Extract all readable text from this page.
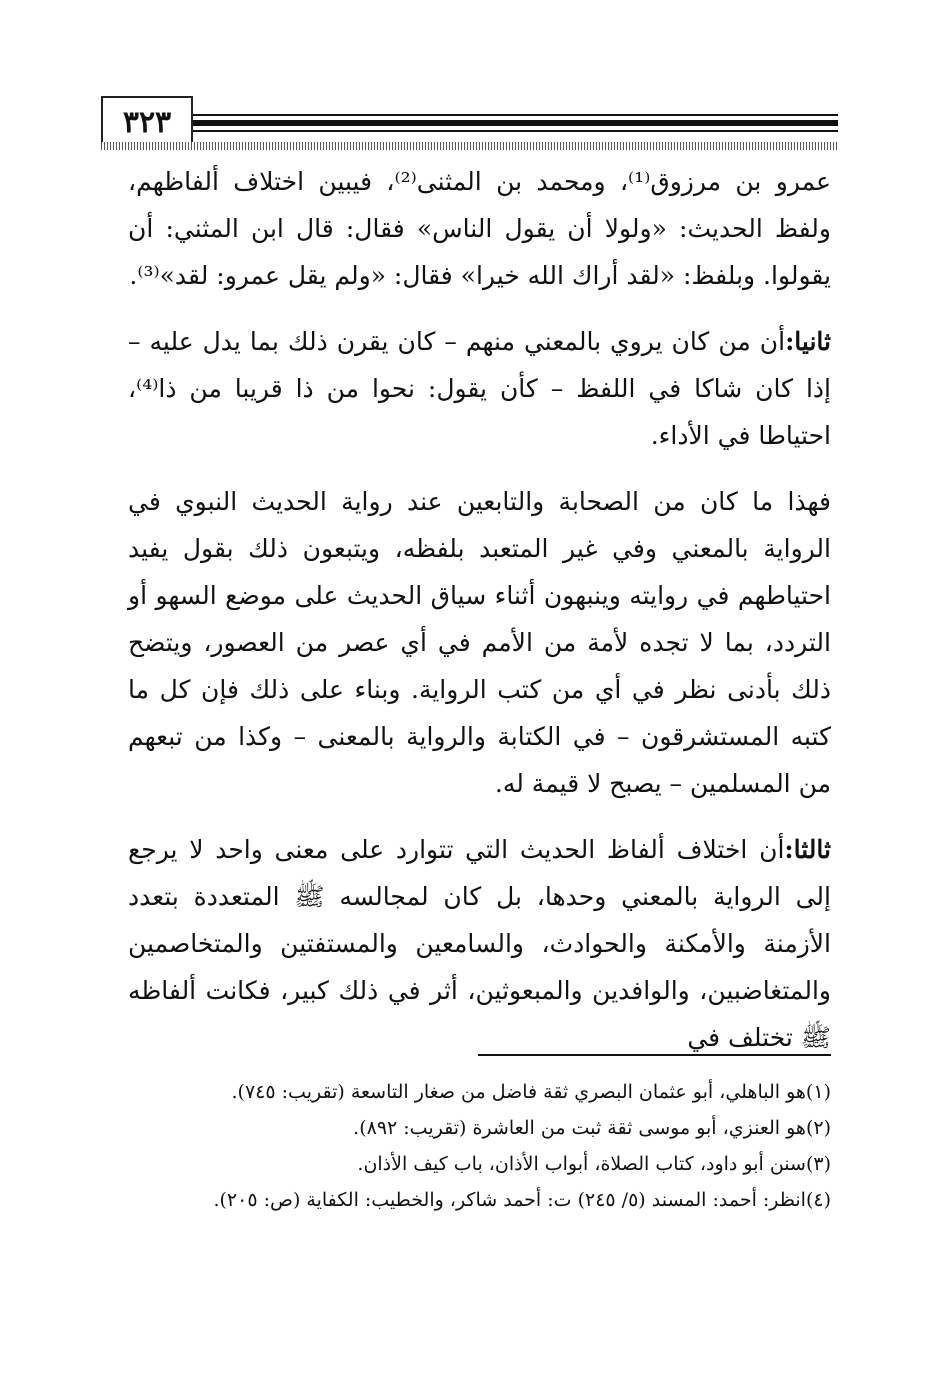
٣٢٣

عمرو بن مرزوق⁽¹⁾، ومحمد بن المثنى⁽²⁾، فيبين اختلاف ألفاظهم، ولفظ الحديث: «ولولا أن يقول الناس» فقال: قال ابن المثني: أن يقولوا. وبلفظ: «لقد أراك الله خيرا» فقال: «ولم يقل عمرو: لقد»⁽³⁾.

ثانيا:أن من كان يروي بالمعني منهم – كان يقرن ذلك بما يدل عليه – إذا كان شاكا في اللفظ – كأن يقول: نحوا من ذا قريبا من ذا⁽⁴⁾، احتياطا في الأداء.

فهذا ما كان من الصحابة والتابعين عند رواية الحديث النبوي في الرواية بالمعني وفي غير المتعبد بلفظه، ويتبعون ذلك بقول يفيد احتياطهم في روايته وينبهون أثناء سياق الحديث على موضع السهو أو التردد، بما لا تجده لأمة من الأمم في أي عصر من العصور، ويتضح ذلك بأدنى نظر في أي من كتب الرواية. وبناء على ذلك فإن كل ما كتبه المستشرقون – في الكتابة والرواية بالمعنى – وكذا من تبعهم من المسلمين – يصبح لا قيمة له.

ثالثا:أن اختلاف ألفاظ الحديث التي تتوارد على معنى واحد لا يرجع إلى الرواية بالمعني وحدها، بل كان لمجالسه ﷺ المتعددة بتعدد الأزمنة والأمكنة والحوادث، والسامعين والمستفتين والمتخاصمين والمتغاضبين، والوافدين والمبعوثين، أثر في ذلك كبير، فكانت ألفاظه ﷺ تختلف في

(١)هو الباهلي، أبو عثمان البصري ثقة فاضل من صغار التاسعة (تقريب: ٧٤٥).

(٢)هو العنزي، أبو موسى ثقة ثبت من العاشرة (تقريب: ٨٩٢).

(٣)سنن أبو داود، كتاب الصلاة، أبواب الأذان، باب كيف الأذان.

(٤)انظر: أحمد: المسند (٥/ ٢٤٥) ت: أحمد شاكر، والخطيب: الكفاية (ص: ٢٠٥).
